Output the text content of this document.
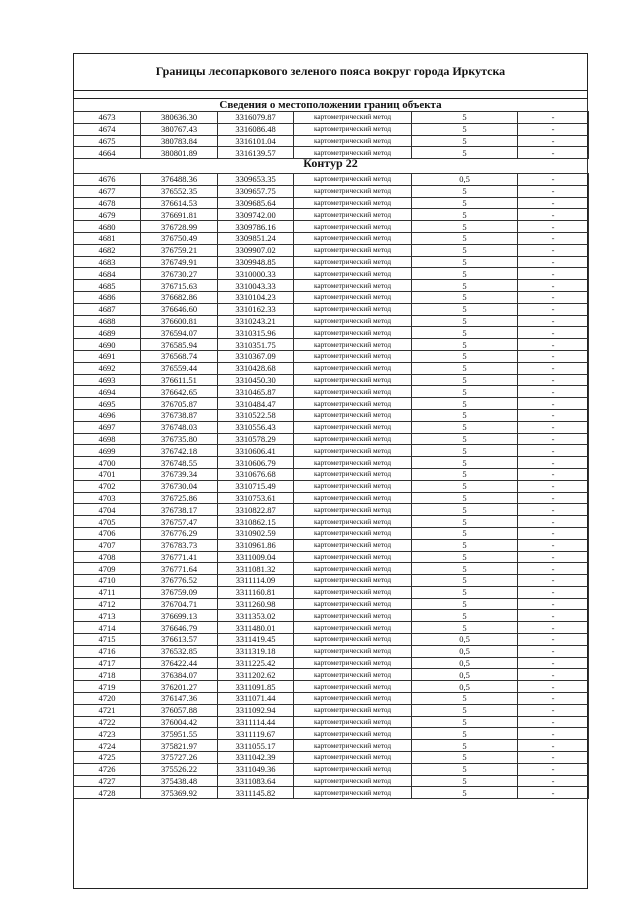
Границы лесопаркового зеленого пояса вокруг города Иркутска
Сведения о местоположении границ объекта
4673	380636.30	3316079.87	картометрический метод	5	-
4674	380767.43	3316086.48	картометрический метод	5	-
4675	380783.84	3316101.04	картометрический метод	5	-
4664	380801.89	3316139.57	картометрический метод	5	-
Контур 22
4676	376488.36	3309653.35	картометрический метод	0,5	-
4677	376552.35	3309657.75	картометрический метод	5	-
4678	376614.53	3309685.64	картометрический метод	5	-
4679	376691.81	3309742.00	картометрический метод	5	-
4680	376728.99	3309786.16	картометрический метод	5	-
4681	376750.49	3309851.24	картометрический метод	5	-
4682	376759.21	3309907.02	картометрический метод	5	-
4683	376749.91	3309948.85	картометрический метод	5	-
4684	376730.27	3310000.33	картометрический метод	5	-
4685	376715.63	3310043.33	картометрический метод	5	-
4686	376682.86	3310104.23	картометрический метод	5	-
4687	376646.60	3310162.33	картометрический метод	5	-
4688	376600.81	3310243.21	картометрический метод	5	-
4689	376594.07	3310315.96	картометрический метод	5	-
4690	376585.94	3310351.75	картометрический метод	5	-
4691	376568.74	3310367.09	картометрический метод	5	-
4692	376559.44	3310428.68	картометрический метод	5	-
4693	376611.51	3310450.30	картометрический метод	5	-
4694	376642.65	3310465.87	картометрический метод	5	-
4695	376705.87	3310484.47	картометрический метод	5	-
4696	376738.87	3310522.58	картометрический метод	5	-
4697	376748.03	3310556.43	картометрический метод	5	-
4698	376735.80	3310578.29	картометрический метод	5	-
4699	376742.18	3310606.41	картометрический метод	5	-
4700	376748.55	3310606.79	картометрический метод	5	-
4701	376739.34	3310676.68	картометрический метод	5	-
4702	376730.04	3310715.49	картометрический метод	5	-
4703	376725.86	3310753.61	картометрический метод	5	-
4704	376738.17	3310822.87	картометрический метод	5	-
4705	376757.47	3310862.15	картометрический метод	5	-
4706	376776.29	3310902.59	картометрический метод	5	-
4707	376783.73	3310961.86	картометрический метод	5	-
4708	376771.41	3311009.04	картометрический метод	5	-
4709	376771.64	3311081.32	картометрический метод	5	-
4710	376776.52	3311114.09	картометрический метод	5	-
4711	376759.09	3311160.81	картометрический метод	5	-
4712	376704.71	3311260.98	картометрический метод	5	-
4713	376699.13	3311353.02	картометрический метод	5	-
4714	376646.79	3311480.01	картометрический метод	5	-
4715	376613.57	3311419.45	картометрический метод	0,5	-
4716	376532.85	3311319.18	картометрический метод	0,5	-
4717	376422.44	3311225.42	картометрический метод	0,5	-
4718	376384.07	3311202.62	картометрический метод	0,5	-
4719	376201.27	3311091.85	картометрический метод	0,5	-
4720	376147.36	3311071.44	картометрический метод	5	-
4721	376057.88	3311092.94	картометрический метод	5	-
4722	376004.42	3311114.44	картометрический метод	5	-
4723	375951.55	3311119.67	картометрический метод	5	-
4724	375821.97	3311055.17	картометрический метод	5	-
4725	375727.26	3311042.39	картометрический метод	5	-
4726	375526.22	3311049.36	картометрический метод	5	-
4727	375438.48	3311083.64	картометрический метод	5	-
4728	375369.92	3311145.82	картометрический метод	5	-
